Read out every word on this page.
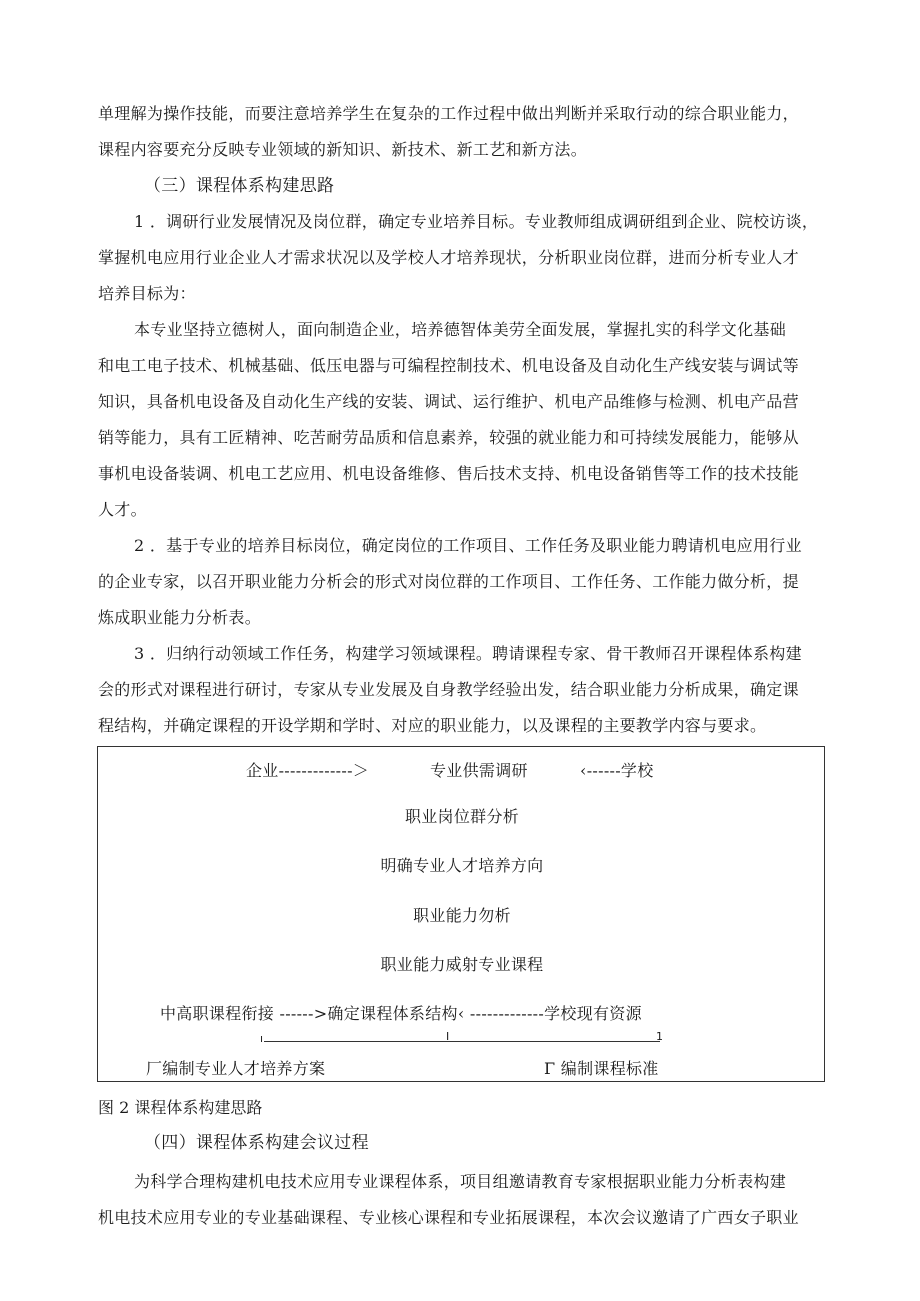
单理解为操作技能，而要注意培养学生在复杂的工作过程中做出判断并采取行动的综合职业能力，
课程内容要充分反映专业领域的新知识、新技术、新工艺和新方法。
（三）课程体系构建思路
1 ．调研行业发展情况及岗位群，确定专业培养目标。专业教师组成调研组到企业、院校访谈，
掌握机电应用行业企业人才需求状况以及学校人才培养现状，分析职业岗位群，进而分析专业人才
培养目标为：
本专业坚持立德树人，面向制造企业，培养德智体美劳全面发展，掌握扎实的科学文化基础
和电工电子技术、机械基础、低压电器与可编程控制技术、机电设备及自动化生产线安装与调试等
知识，具备机电设备及自动化生产线的安装、调试、运行维护、机电产品维修与检测、机电产品营
销等能力，具有工匠精神、吃苦耐劳品质和信息素养，较强的就业能力和可持续发展能力，能够从
事机电设备装调、机电工艺应用、机电设备维修、售后技术支持、机电设备销售等工作的技术技能
人才。
2 ．基于专业的培养目标岗位，确定岗位的工作项目、工作任务及职业能力聘请机电应用行业
的企业专家，以召开职业能力分析会的形式对岗位群的工作项目、工作任务、工作能力做分析，提
炼成职业能力分析表。
3 ．归纳行动领域工作任务，构建学习领域课程。聘请课程专家、骨干教师召开课程体系构建
会的形式对课程进行研讨，专家从专业发展及自身教学经验出发，结合职业能力分析成果，确定课
程结构，并确定课程的开设学期和学时、对应的职业能力，以及课程的主要教学内容与要求。
企业-------------＞	专业供需调研	‹------学校
职业岗位群分析
明确专业人才培养方向
职业能力勿析
职业能力威射专业课程
中高职课程衔接 ------>确定课程体系结构‹ -------------学校现有资源
ı	I	1
厂编制专业人才培养方案	Γ 编制课程标准
图 2 课程体系构建思路
（四）课程体系构建会议过程
为科学合理构建机电技术应用专业课程体系，项目组邀请教育专家根据职业能力分析表构建
机电技术应用专业的专业基础课程、专业核心课程和专业拓展课程，本次会议邀请了广西女子职业
